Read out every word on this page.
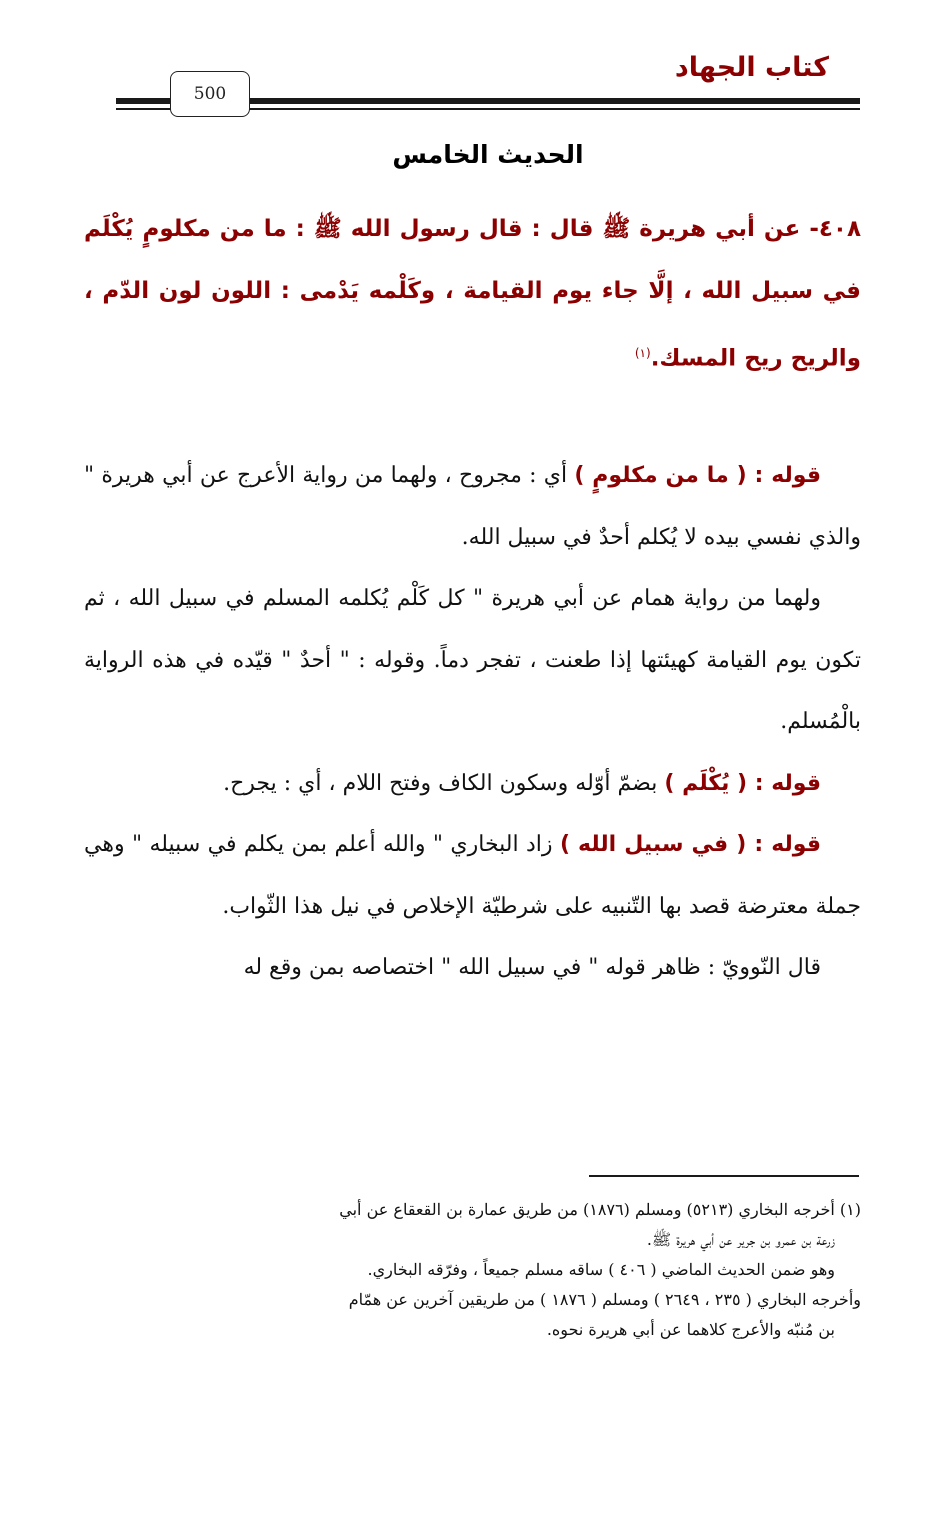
كتاب الجهاد
500
الحديث الخامس

٤٠٨- عن أبي هريرة ﷺ قال : قال رسول الله ﷺ : ما من مكلومٍ يُكْلَم في سبيل الله ، إلَّا جاء يوم القيامة ، وكَلْمه يَدْمى : اللون لون الدّم ، والريح ريح المسك.$^{(١)}$

قوله : ( ما من مكلومٍ ) أي : مجروح ، ولهما من رواية الأعرج عن أبي هريرة " والذي نفسي بيده لا يُكلم أحدٌ في سبيل الله.

ولهما من رواية همام عن أبي هريرة " كل كَلْم يُكلمه المسلم في سبيل الله ، ثم تكون يوم القيامة كهيئتها إذا طعنت ، تفجر دماً. وقوله : " أحدٌ " قيّده في هذه الرواية بالْمُسلم.

قوله : ( يُكْلَم ) بضمّ أوّله وسكون الكاف وفتح اللام ، أي : يجرح.

قوله : ( في سبيل الله ) زاد البخاري " والله أعلم بمن يكلم في سبيله " وهي جملة معترضة قصد بها التّنبيه على شرطيّة الإخلاص في نيل هذا الثّواب.

قال النّوويّ : ظاهر قوله " في سبيل الله " اختصاصه بمن وقع له

(١) أخرجه البخاري (٥٢١٣) ومسلم (١٨٧٦) من طريق عمارة بن القعقاع عن أبي
زرعة بن عمرو بن جرير عن أبي هريرة ﷺ.
وهو ضمن الحديث الماضي ( ٤٠٦ ) ساقه مسلم جميعاً ، وفرّقه البخاري.
وأخرجه البخاري ( ٢٣٥ ، ٢٦٤٩ ) ومسلم ( ١٨٧٦ ) من طريقين آخرين عن همّام
بن مُنبّه والأعرج كلاهما عن أبي هريرة نحوه.
